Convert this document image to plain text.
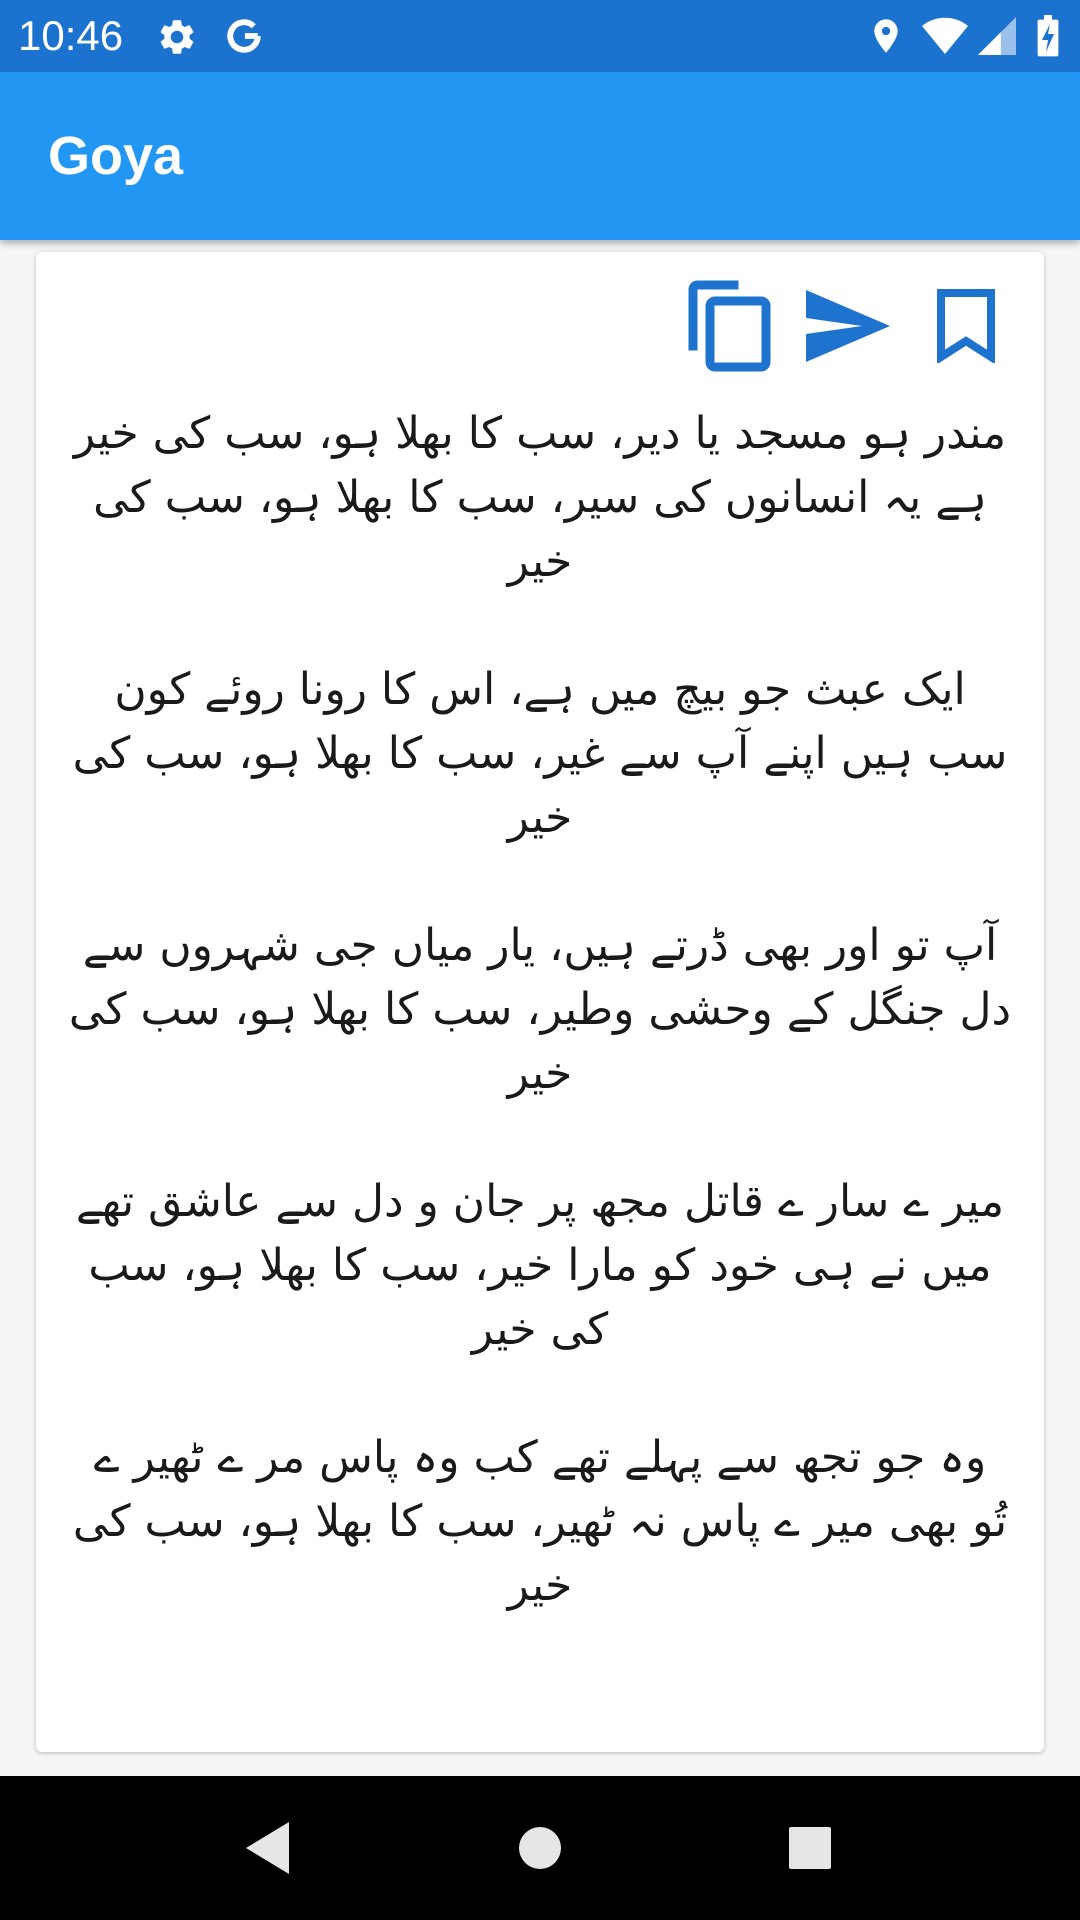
10:46
Goya
مندر ہو مسجد یا دیر، سب کا بھلا ہو، سب کی خیر
ہے یہ انسانوں کی سیر، سب کا بھلا ہو، سب کی خیر
ایک عبث جو بیچ میں ہے، اس کا رونا روئے کون
سب ہیں اپنے آپ سے غیر، سب کا بھلا ہو، سب کی خیر
آپ تو اور بھی ڈرتے ہیں، یار میاں جی شہروں سے
دل جنگل کے وحشی وطیر، سب کا بھلا ہو، سب کی خیر
میر ے سار ے قاتل مجھ پر جان و دل سے عاشق تھے
میں نے ہی خود کو مارا خیر، سب کا بھلا ہو، سب کی خیر
وہ جو تجھ سے پہلے تھے کب وہ پاس مر ے ٹھیر ے
تُو بھی میر ے پاس نہ ٹھیر، سب کا بھلا ہو، سب کی خیر
